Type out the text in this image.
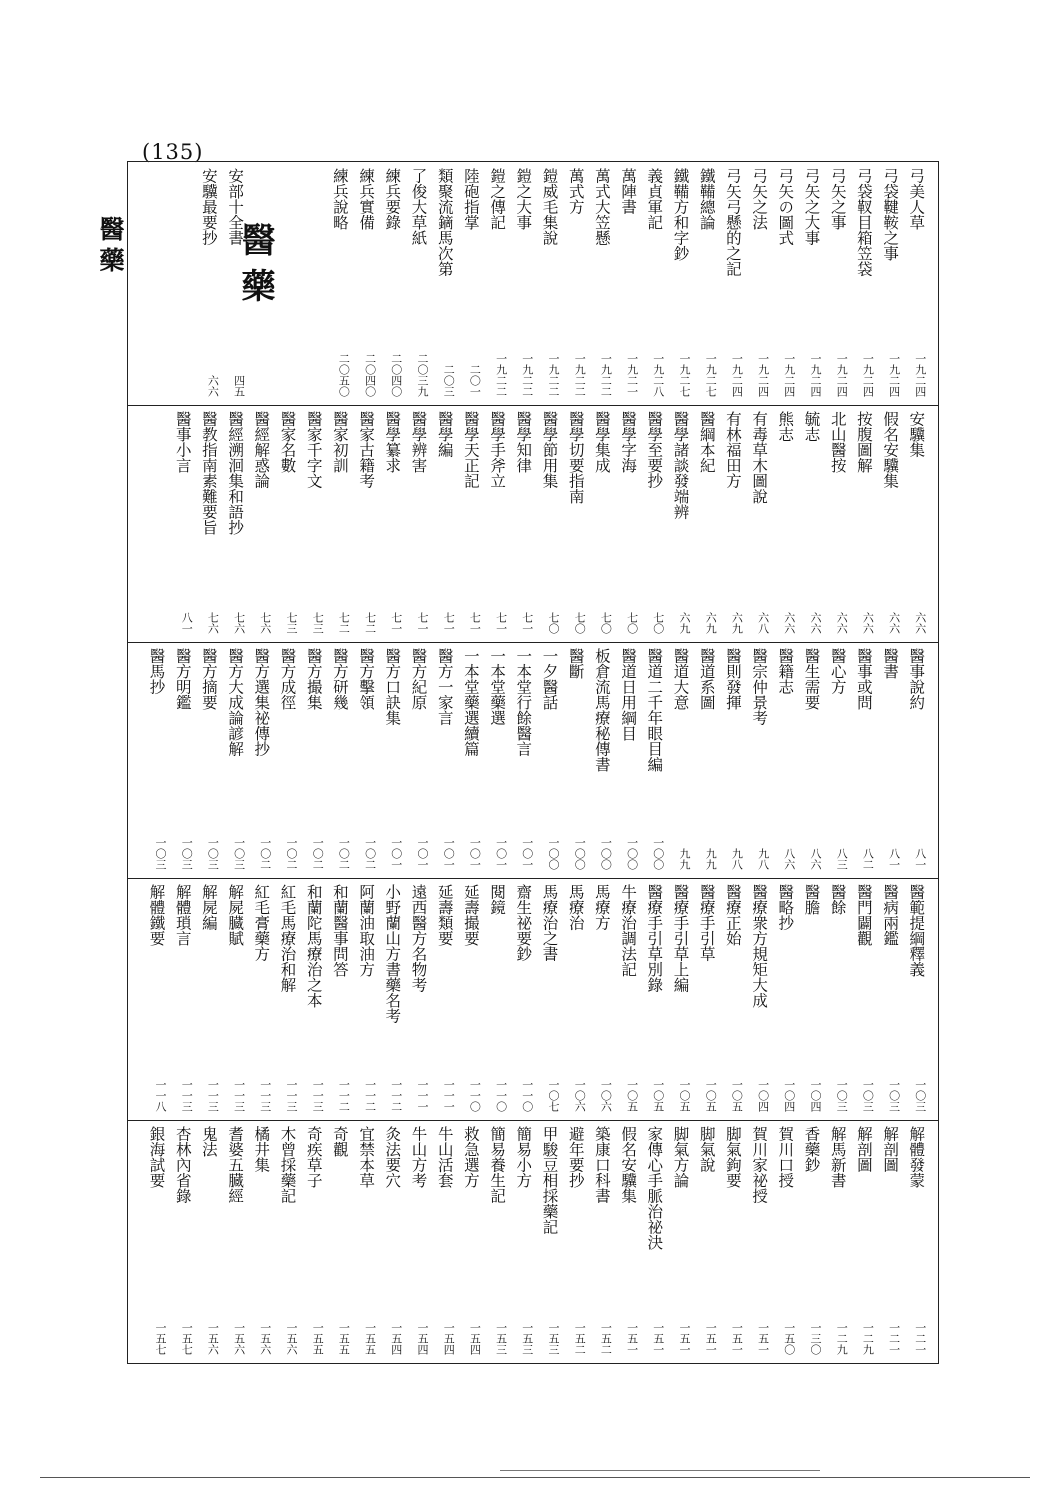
(135)
醫藥
弓美人草
一九二四
弓袋鞬鞍之事
一九二四
弓袋靫目箱笠袋
一九二四
弓矢之事
一九二四
弓矢之大事
一九二四
弓矢の圖式
一九二四
弓矢之法
一九二四
弓矢弓懸的之記
一九二四
鐵鞴總論
一九二七
鐵鞴方和字鈔
一九二七
義貞軍記
一九二八
萬陣書
一九二一
萬式大笠懸
一九二二
萬式方
一九二二
鎧威毛集說
一九二二
鎧之大事
一九二二
鎧之傳記
一九二二
陸砲指掌
二〇一
類聚流鏑馬次第
二〇三
了俊大草紙
二〇三九
練兵要錄
二〇四〇
練兵實備
二〇四〇
練兵說略
二〇五〇
安部十全書
四五
安驥最要抄
六六
安驥集
六六
假名安驥集
六六
按腹圖解
六六
北山醫按
六六
毓志
六六
熊志
六六
有毒草木圖說
六八
有林福田方
六九
醫綱本紀
六九
醫學諸談發端辨
六九
醫學至要抄
七〇
醫學字海
七〇
醫學集成
七〇
醫學切要指南
七〇
醫學節用集
七〇
醫學知律
七一
醫學手斧立
七一
醫學天正記
七一
醫學編
七一
醫學辨害
七一
醫學纂求
七一
醫家古籍考
七二
醫家初訓
七二
醫家千字文
七三
醫家名數
七三
醫經解惑論
七六
醫經溯洄集和語抄
七六
醫教指南素難要旨
七六
醫事小言
八一
醫事說約
八一
醫書
八一
醫事或問
八二
醫心方
八三
醫生需要
八六
醫籍志
八六
醫宗仲景考
九八
醫則發揮
九八
醫道系圖
九九
醫道大意
九九
醫道二千年眼目編
一〇〇
醫道日用綱目
一〇〇
板倉流馬療秘傳書
一〇〇
醫斷
一〇〇
一夕醫話
一〇〇
一本堂行餘醫言
一〇一
一本堂藥選
一〇一
一本堂藥選續篇
一〇一
醫方一家言
一〇一
醫方紀原
一〇一
醫方口訣集
一〇一
醫方擊領
一〇二
醫方研幾
一〇二
醫方撮集
一〇二
醫方成徑
一〇二
醫方選集祕傳抄
一〇二
醫方大成論諺解
一〇三
醫方摘要
一〇三
醫方明鑑
一〇三
醫馬抄
一〇三
醫範提綱釋義
一〇三
醫病兩鑑
一〇三
醫門闢觀
一〇三
醫餘
一〇三
醫膽
一〇四
醫略抄
一〇四
醫療衆方規矩大成
一〇四
醫療正始
一〇五
醫療手引草
一〇五
醫療手引草上編
一〇五
醫療手引草別錄
一〇五
牛療治調法記
一〇五
馬療方
一〇六
馬療治
一〇六
馬療治之書
一〇七
齋生祕要鈔
一一〇
閱鏡
一一〇
延壽撮要
一一〇
延壽類要
一一一
遠西醫方名物考
一一一
小野蘭山方書藥名考
一一二
阿蘭油取油方
一一二
和蘭醫事問答
一一二
和蘭陀馬療治之本
一一三
紅毛馬療治和解
一一三
紅毛膏藥方
一一三
解屍臓賦
一一三
解屍編
一一三
解體瑣言
一一三
解體鐵要
一一八
解體發蒙
一二一
解剖圖
一二一
解剖圖
一二九
解馬新書
一二九
香藥鈔
一三〇
賀川口授
一五〇
賀川家祕授
一五一
脚氣鉤要
一五一
脚氣說
一五一
脚氣方論
一五一
家傳心手脈治祕決
一五一
假名安驥集
一五一
築康口科書
一五二
避年要抄
一五二
甲駿豆相採藥記
一五三
簡易小方
一五三
簡易養生記
一五三
救急選方
一五四
牛山活套
一五四
牛山方考
一五四
灸法要穴
一五四
宜禁本草
一五五
奇觀
一五五
奇疾草子
一五五
木曾採藥記
一五六
橘井集
一五六
耆婆五臓經
一五六
鬼法
一五六
杏林內省錄
一五七
銀海試要
一五七
醫藥
